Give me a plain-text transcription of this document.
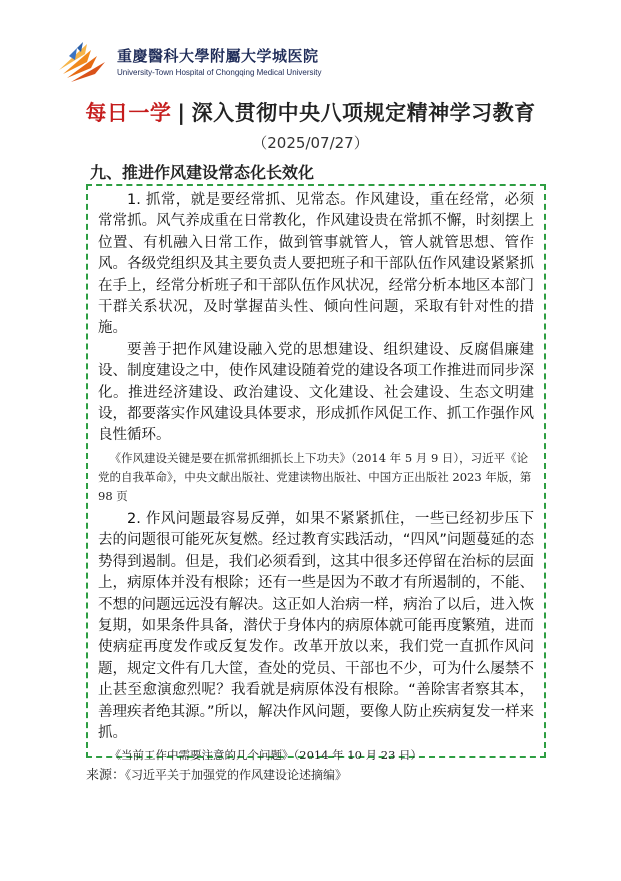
重慶醫科大學附屬大学城医院
University-Town Hospital of Chongqing Medical University
每日一学 | 深入贯彻中央八项规定精神学习教育
（2025/07/27）
九、推进作风建设常态化长效化

1. 抓常，就是要经常抓、见常态。作风建设，重在经常，必须常常抓。风气养成重在日常教化，作风建设贵在常抓不懈，时刻摆上位置、有机融入日常工作，做到管事就管人，管人就管思想、管作风。各级党组织及其主要负责人要把班子和干部队伍作风建设紧紧抓在手上，经常分析班子和干部队伍作风状况，经常分析本地区本部门干群关系状况，及时掌握苗头性、倾向性问题，采取有针对性的措施。

要善于把作风建设融入党的思想建设、组织建设、反腐倡廉建设、制度建设之中，使作风建设随着党的建设各项工作推进而同步深化。推进经济建设、政治建设、文化建设、社会建设、生态文明建设，都要落实作风建设具体要求，形成抓作风促工作、抓工作强作风良性循环。

《作风建设关键是要在抓常抓细抓长上下功夫》（2014 年 5 月 9 日），习近平《论党的自我革命》，中央文献出版社、党建读物出版社、中国方正出版社 2023 年版，第 98 页

2. 作风问题最容易反弹，如果不紧紧抓住，一些已经初步压下去的问题很可能死灰复燃。经过教育实践活动，“四风”问题蔓延的态势得到遏制。但是，我们必须看到，这其中很多还停留在治标的层面上，病原体并没有根除；还有一些是因为不敢才有所遏制的，不能、不想的问题远远没有解决。这正如人治病一样，病治了以后，进入恢复期，如果条件具备，潜伏于身体内的病原体就可能再度繁殖，进而使病症再度发作或反复发作。改革开放以来，我们党一直抓作风问题，规定文件有几大筐，查处的党员、干部也不少，可为什么屡禁不止甚至愈演愈烈呢？我看就是病原体没有根除。“善除害者察其本，善理疾者绝其源。”所以，解决作风问题，要像人防止疾病复发一样来抓。

《当前工作中需要注意的几个问题》（2014 年 10 月 23 日）

来源：《习近平关于加强党的作风建设论述摘编》
